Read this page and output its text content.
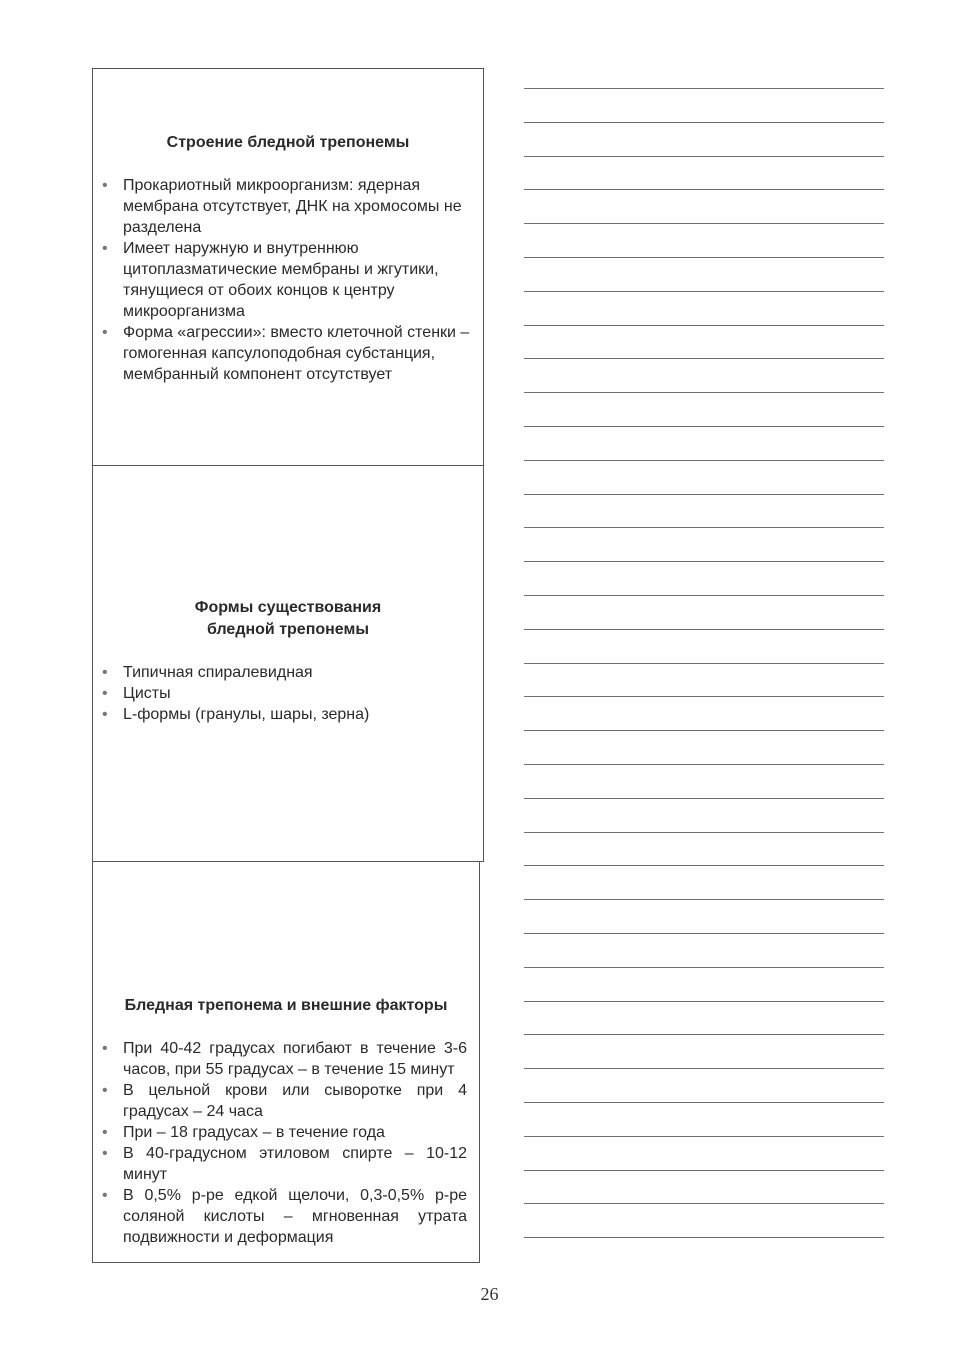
Строение бледной трепонемы
• Прокариотный микроорганизм: ядерная мембрана отсутствует, ДНК на хромосомы не разделена
• Имеет наружную и внутреннюю цитоплазматические мембраны и жгутики, тянущиеся от обоих концов к центру микроорганизма
• Форма «агрессии»: вместо клеточной стенки – гомогенная капсулоподобная субстанция, мембранный компонент отсутствует
Формы существования
бледной трепонемы
• Типичная спиралевидная
• Цисты
• L-формы (гранулы, шары, зерна)
Бледная трепонема и внешние факторы
• При 40-42 градусах погибают в течение 3-6 часов, при 55 градусах – в течение 15 минут
• В цельной крови или сыворотке при 4 градусах – 24 часа
• При – 18 градусах – в течение года
• В 40-градусном этиловом спирте – 10-12 минут
• В 0,5% р-ре едкой щелочи, 0,3-0,5% р-ре соляной кислоты – мгновенная утрата подвижности и деформация
26
